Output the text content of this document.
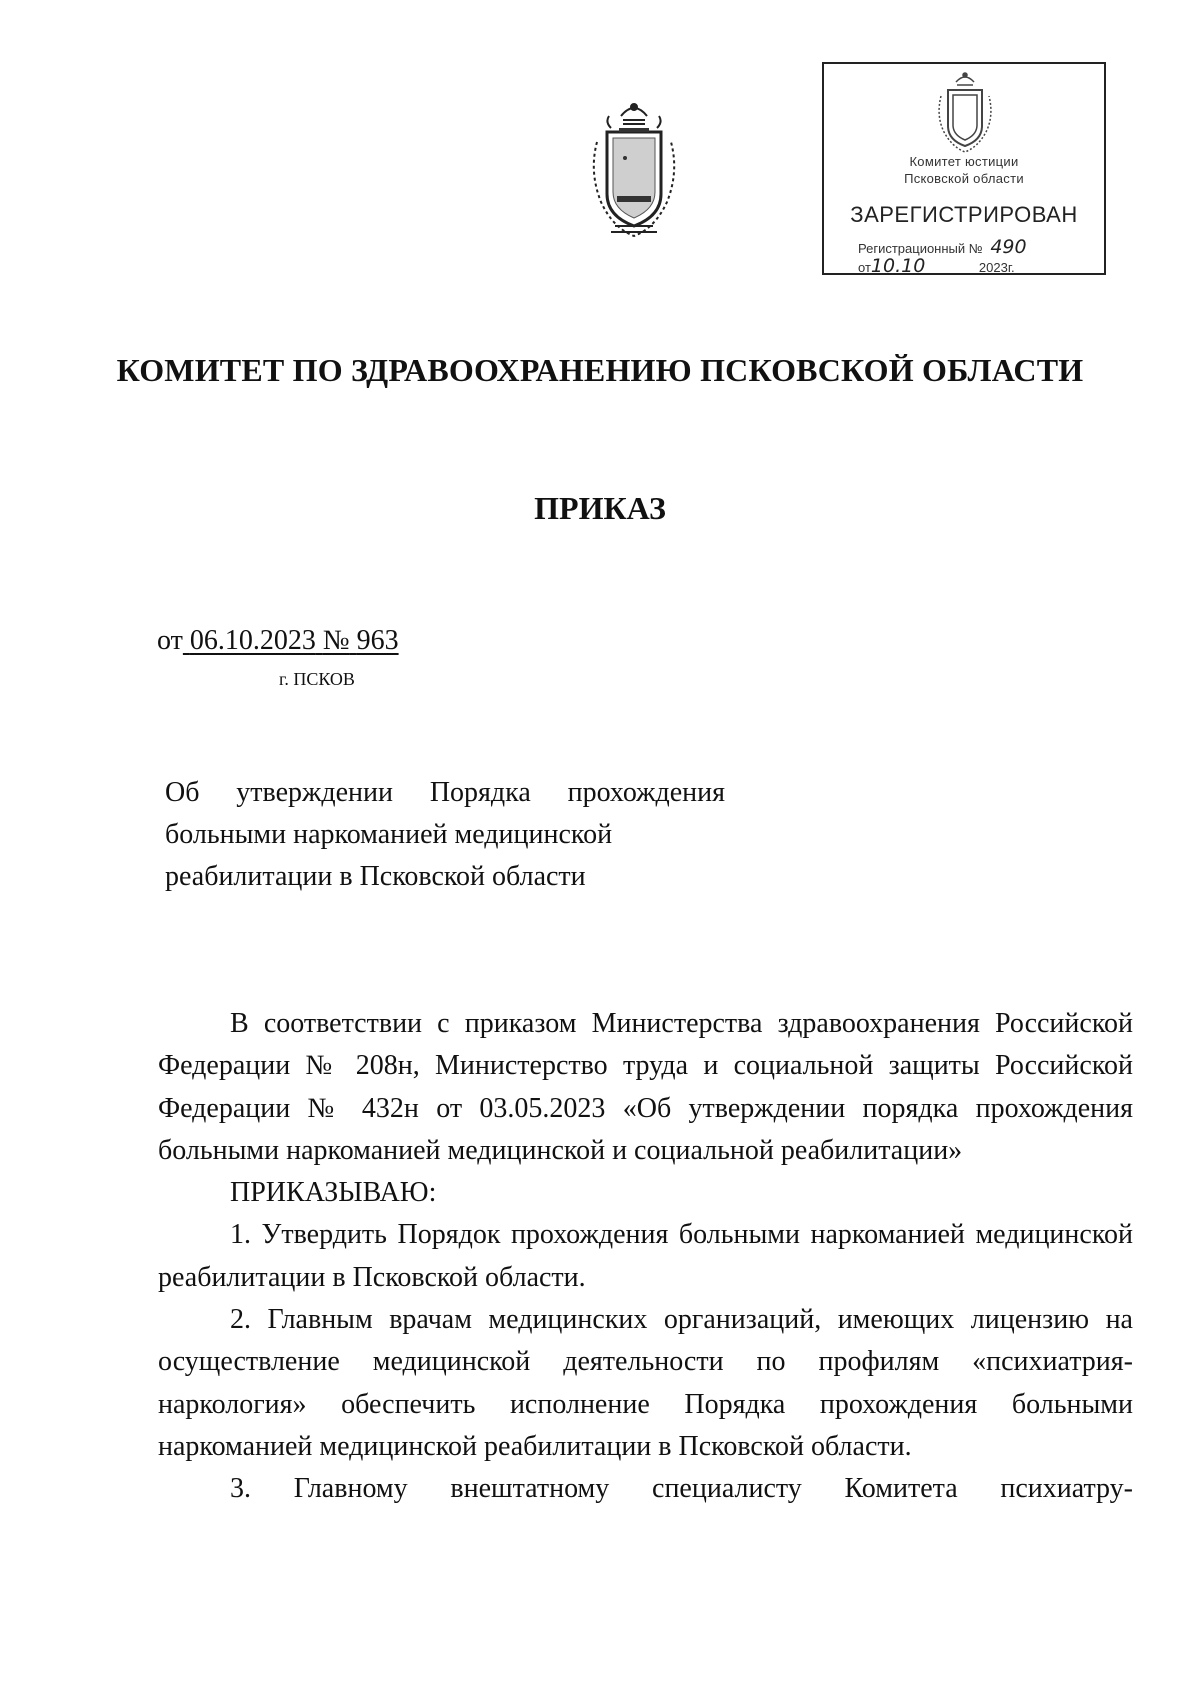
Комитет юстиции
Псковской области
ЗАРЕГИСТРИРОВАН
Регистрационный № 490
от10.10	2023г.
КОМИТЕТ ПО ЗДРАВООХРАНЕНИЮ ПСКОВСКОЙ ОБЛАСТИ
ПРИКАЗ
от 06.10.2023 № 963
г. ПСКОВ
Об утверждении Порядка прохождения
больными наркоманией медицинской
реабилитации в Псковской области

В соответствии с приказом Министерства здравоохранения Российской Федерации № 208н, Министерство труда и социальной защиты Российской Федерации № 432н от 03.05.2023 «Об утверждении порядка прохождения больными наркоманией медицинской и социальной реабилитации»

ПРИКАЗЫВАЮ:

1. Утвердить Порядок прохождения больными наркоманией медицинской реабилитации в Псковской области.

2. Главным врачам медицинских организаций, имеющих лицензию на осуществление медицинской деятельности по профилям «психиатрия-наркология» обеспечить исполнение Порядка прохождения больными наркоманией медицинской реабилитации в Псковской области.

3. Главному внештатному специалисту Комитета психиатру-
